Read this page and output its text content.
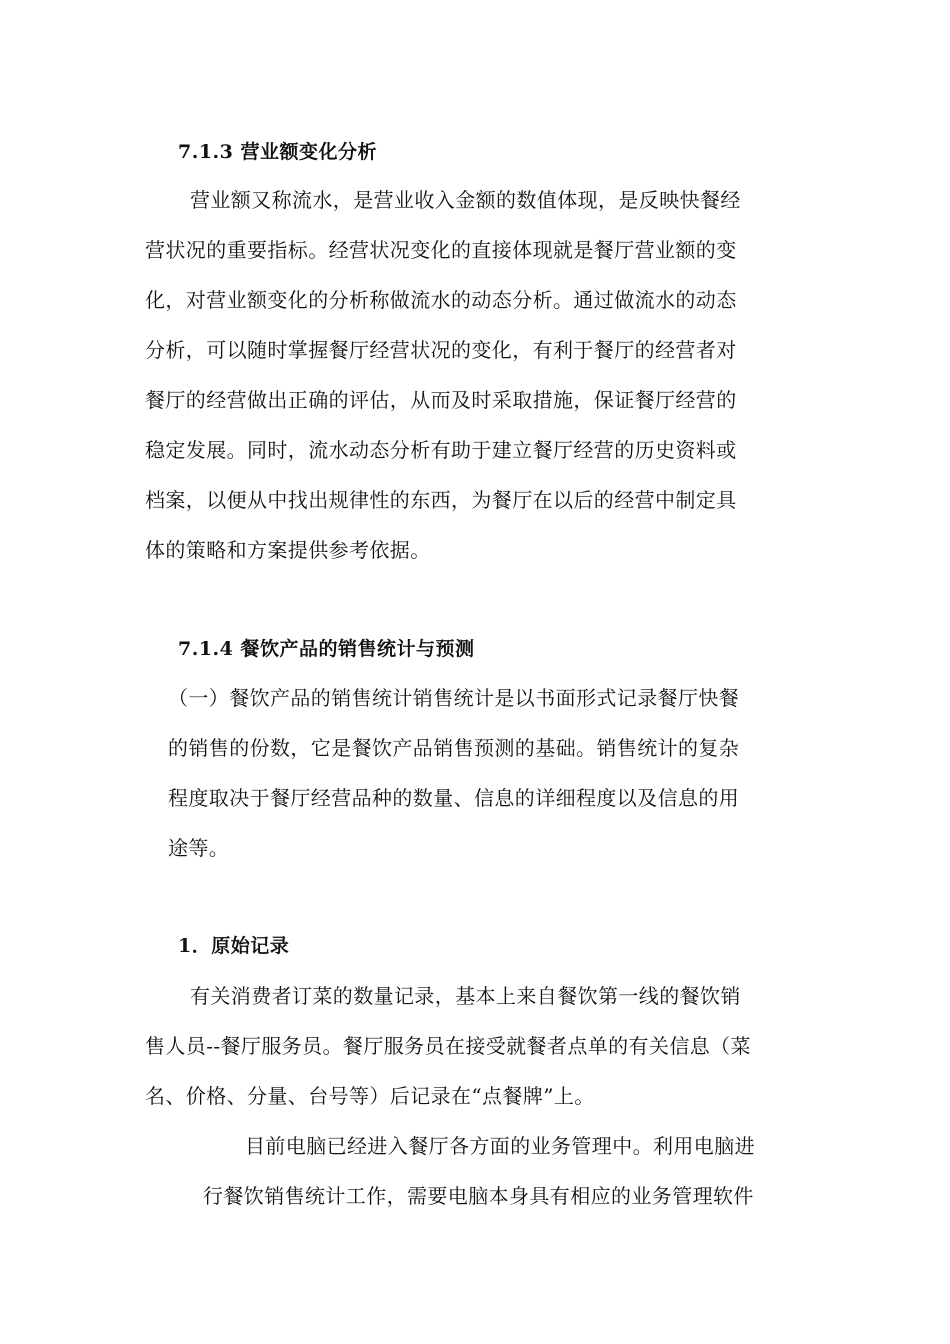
7.1.3 营业额变化分析
营业额又称流水，是营业收入金额的数值体现，是反映快餐经
营状况的重要指标。经营状况变化的直接体现就是餐厅营业额的变
化，对营业额变化的分析称做流水的动态分析。通过做流水的动态
分析，可以随时掌握餐厅经营状况的变化，有利于餐厅的经营者对
餐厅的经营做出正确的评估，从而及时采取措施，保证餐厅经营的
稳定发展。同时，流水动态分析有助于建立餐厅经营的历史资料或
档案，以便从中找出规律性的东西，为餐厅在以后的经营中制定具
体的策略和方案提供参考依据。
7.1.4 餐饮产品的销售统计与预测
（一）餐饮产品的销售统计销售统计是以书面形式记录餐厅快餐
的销售的份数，它是餐饮产品销售预测的基础。销售统计的复杂
程度取决于餐厅经营品种的数量、信息的详细程度以及信息的用
途等。
1．原始记录
有关消费者订菜的数量记录，基本上来自餐饮第一线的餐饮销
售人员--餐厅服务员。餐厅服务员在接受就餐者点单的有关信息（菜
名、价格、分量、台号等）后记录在“点餐牌”上。
目前电脑已经进入餐厅各方面的业务管理中。利用电脑进
行餐饮销售统计工作，需要电脑本身具有相应的业务管理软件
